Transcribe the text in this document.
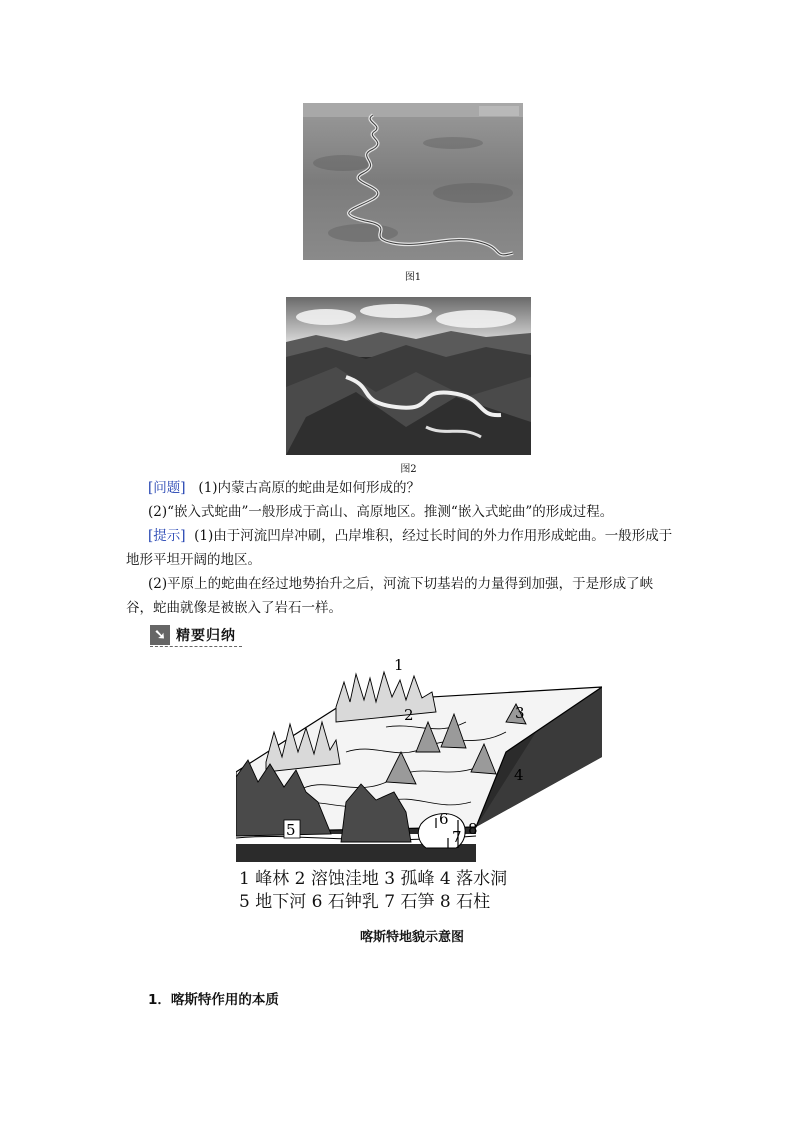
图1
图2

[问题] (1)内蒙古高原的蛇曲是如何形成的？

(2)“嵌入式蛇曲”一般形成于高山、高原地区。推测“嵌入式蛇曲”的形成过程。

[提示] (1)由于河流凹岸冲刷，凸岸堆积，经过长时间的外力作用形成蛇曲。一般形成于地形平坦开阔的地区。

(2)平原上的蛇曲在经过地势抬升之后，河流下切基岩的力量得到加强，于是形成了峡谷，蛇曲就像是被嵌入了岩石一样。

➘ 精要归纳
1
2	3
4
5
6
7 8
1 峰林 2 溶蚀洼地 3 孤峰 4 落水洞
5 地下河 6 石钟乳 7 石笋 8 石柱
喀斯特地貌示意图
1．喀斯特作用的本质
